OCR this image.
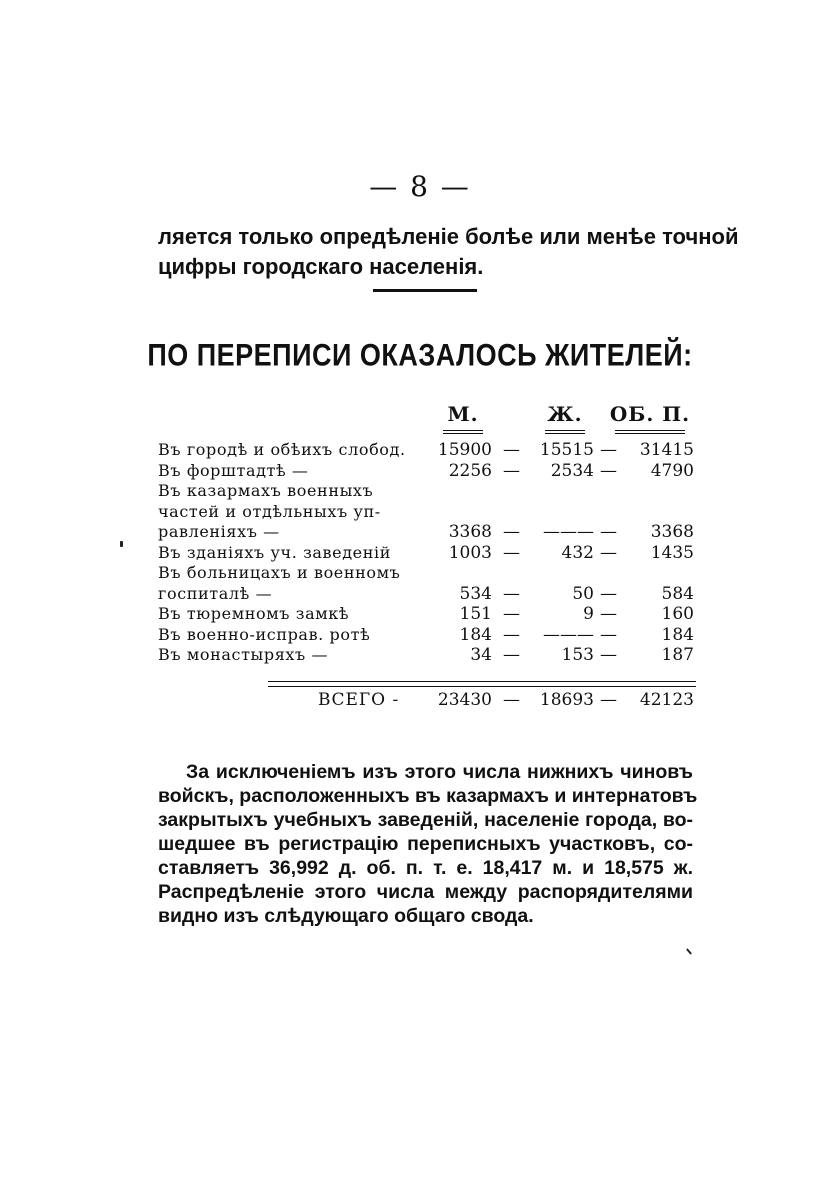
— 8 —
ляется только опредѣленіе болѣе или менѣе точной
цифры городскаго населенія.
ПО ПЕРЕПИСИ ОКАЗАЛОСЬ ЖИТЕЛЕЙ:
М.	Ж.	ОБ. П.
Въ городѣ и обѣихъ слобод.	15900 —	15515 —	31415
Въ форштадтѣ —	2256 —	2534 —	4790
Въ казармахъ военныхъ
частей и отдѣльныхъ уп-
равленіяхъ —	3368 —	——— —	3368
Въ зданіяхъ уч. заведеній	1003 —	432 —	1435
Въ больницахъ и военномъ
госпиталѣ —	534 —	50 —	584
Въ тюремномъ замкѣ	151 —	9 —	160
Въ военно-исправ. ротѣ	184 —	——— —	184
Въ монастыряхъ —	34 —	153 —	187
ВСЕГО -	23430 —	18693 —	42123
За исключеніемъ изъ этого числа нижнихъ чиновъ
войскъ, расположенныхъ въ казармахъ и интернатовъ
закрытыхъ учебныхъ заведеній, населеніе города, во-
шедшее въ регистрацію переписныхъ участковъ, со-
ставляетъ 36,992 д. об. п. т. е. 18,417 м. и 18,575 ж.
Распредѣленіе этого числа между распорядителями
видно изъ слѣдующаго общаго свода.
